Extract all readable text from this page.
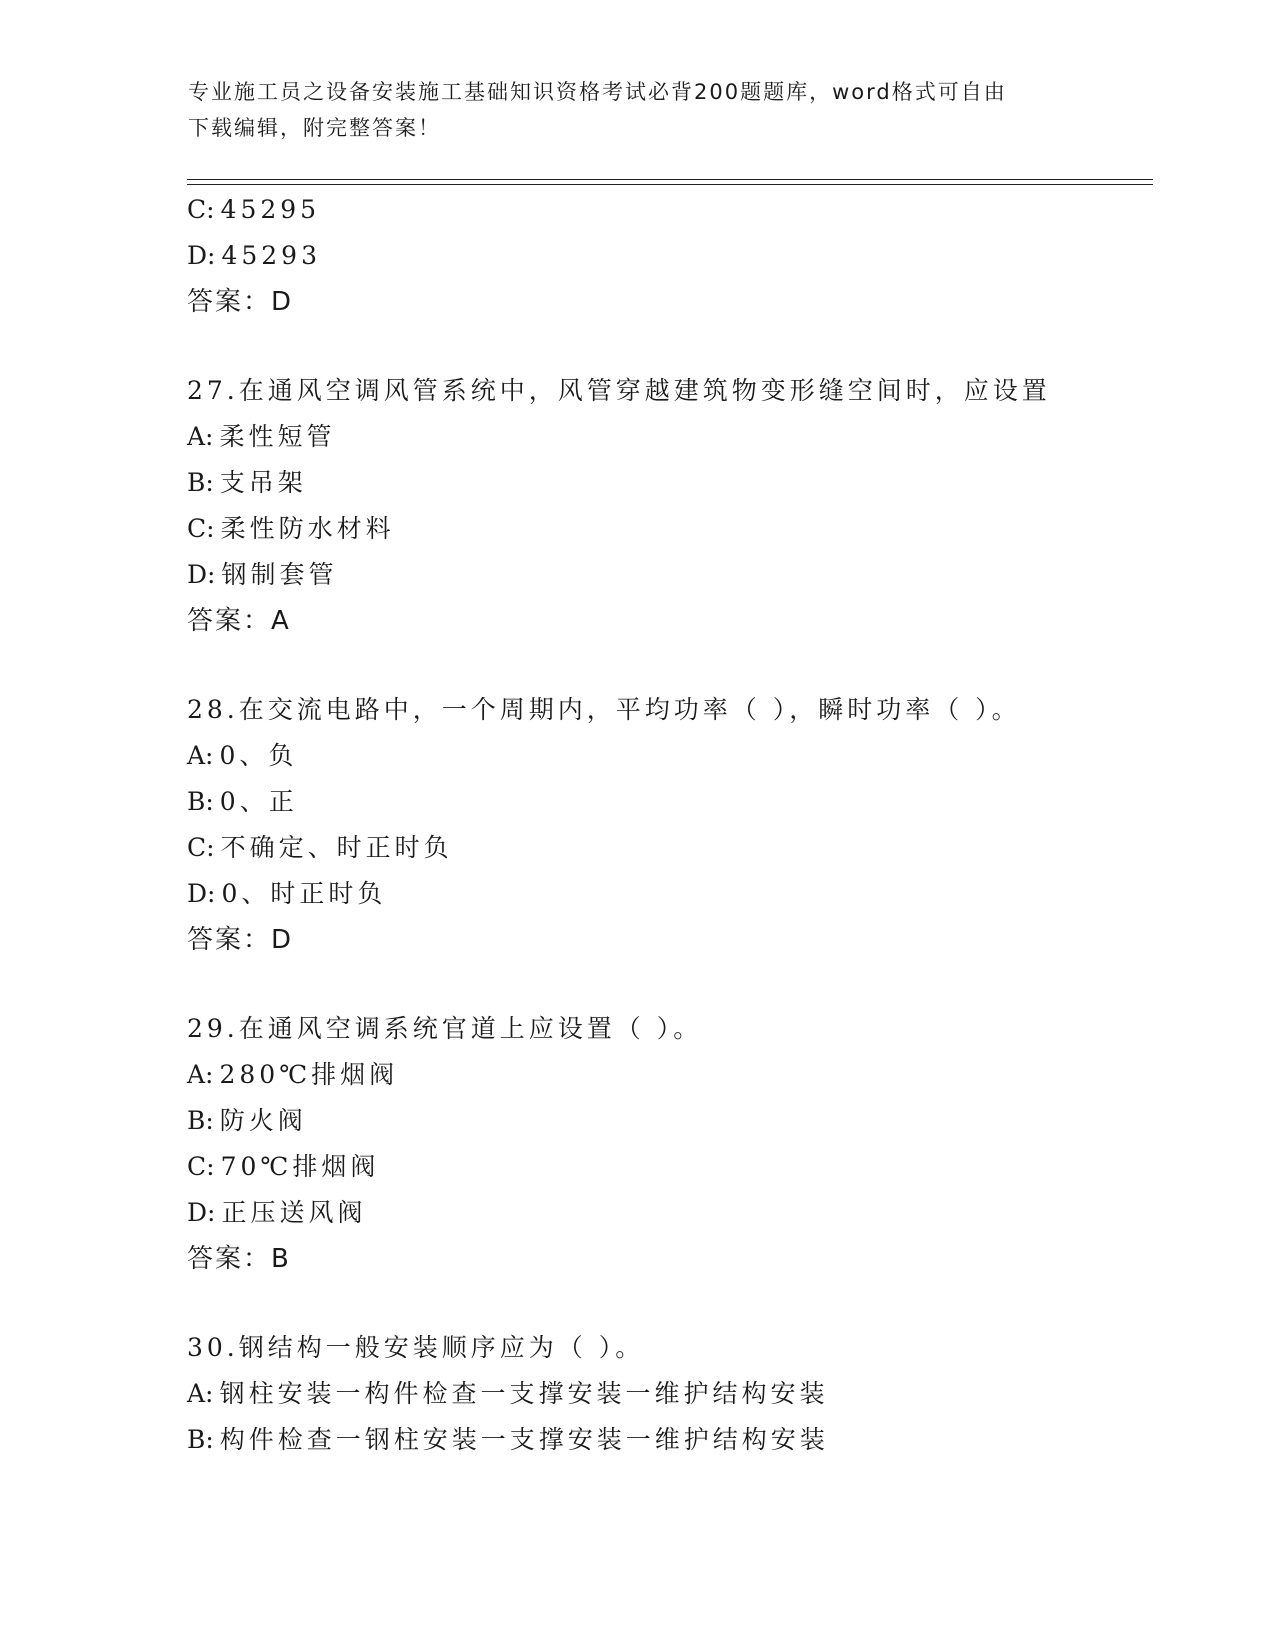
专业施工员之设备安装施工基础知识资格考试必背200题题库，word格式可自由
下载编辑，附完整答案！
C: 45295
D: 45293
答案：D
27.在通风空调风管系统中，风管穿越建筑物变形缝空间时，应设置
A: 柔性短管
B: 支吊架
C: 柔性防水材料
D: 钢制套管
答案：A
28.在交流电路中，一个周期内，平均功率（ ），瞬时功率（ ）。
A: 0、负
B: 0、正
C: 不确定、时正时负
D: 0、时正时负
答案：D
29.在通风空调系统官道上应设置（ ）。
A: 280℃排烟阀
B: 防火阀
C: 70℃排烟阀
D: 正压送风阀
答案：B
30.钢结构一般安装顺序应为（ ）。
A: 钢柱安装一构件检查一支撑安装一维护结构安装
B: 构件检查一钢柱安装一支撑安装一维护结构安装
